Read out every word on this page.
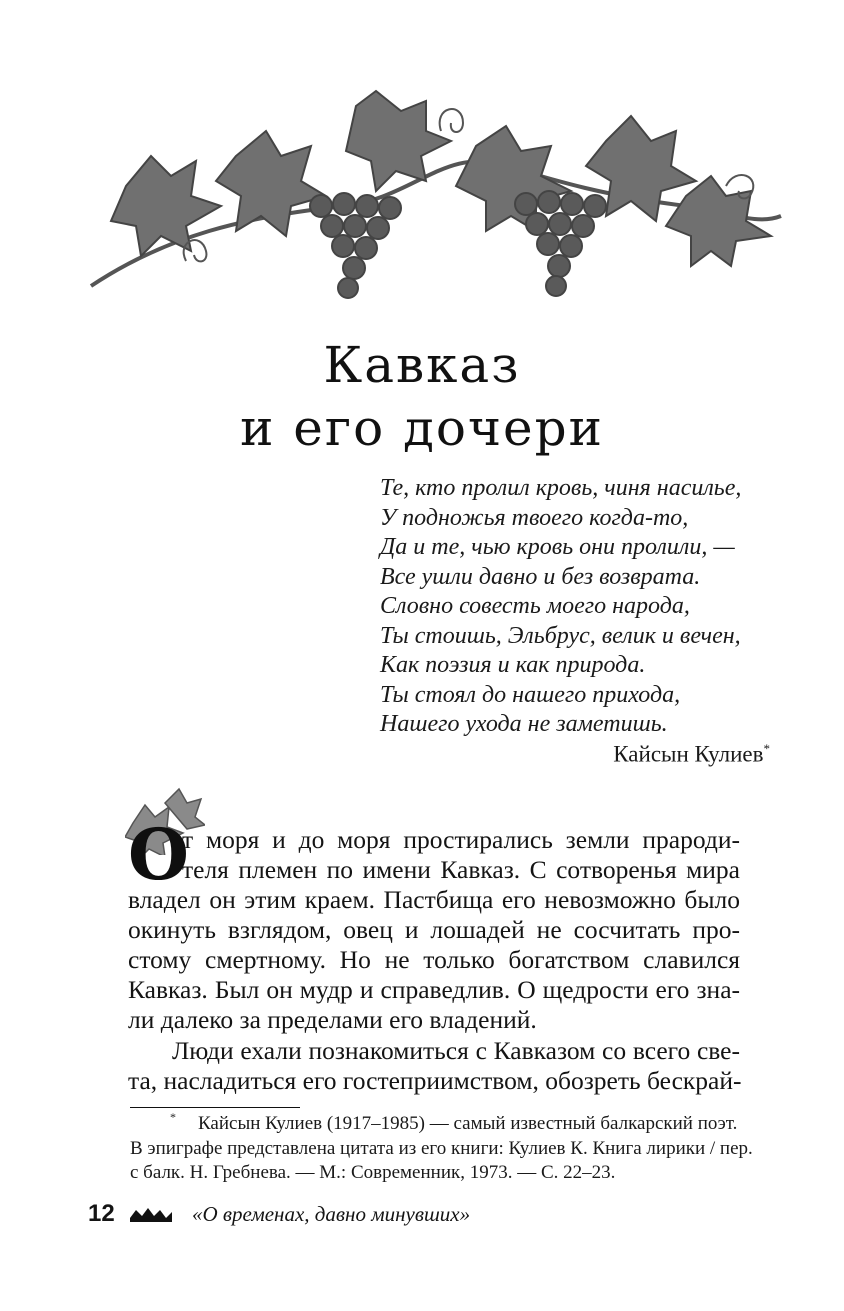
Кавказ
и его дочери
Те, кто пролил кровь, чиня насилье,
У подножья твоего когда-то,
Да и те, чью кровь они пролили, —
Все ушли давно и без возврата.
Словно совесть моего народа,
Ты стоишь, Эльбрус, велик и вечен,
Как поэзия и как природа.
Ты стоял до нашего прихода,
Нашего ухода не заметишь.
Кайсын Кулиев*
О
т моря и до моря простирались земли прароди-
теля племен по имени Кавказ. С сотворенья мира
владел он этим краем. Пастбища его невозможно было
окинуть взглядом, овец и лошадей не сосчитать про-
стому смертному. Но не только богатством славился
Кавказ. Был он мудр и справедлив. О щедрости его зна-
ли далеко за пределами его владений.
Люди ехали познакомиться с Кавказом со всего све-
та, насладиться его гостеприимством, обозреть бескрай-
* Кайсын Кулиев (1917–1985) — самый известный балкарский поэт.
В эпиграфе представлена цитата из его книги: Кулиев К. Книга лирики / пер.
с балк. Н. Гребнева. — М.: Современник, 1973. — С. 22–23.
12	«О временах, давно минувших»
